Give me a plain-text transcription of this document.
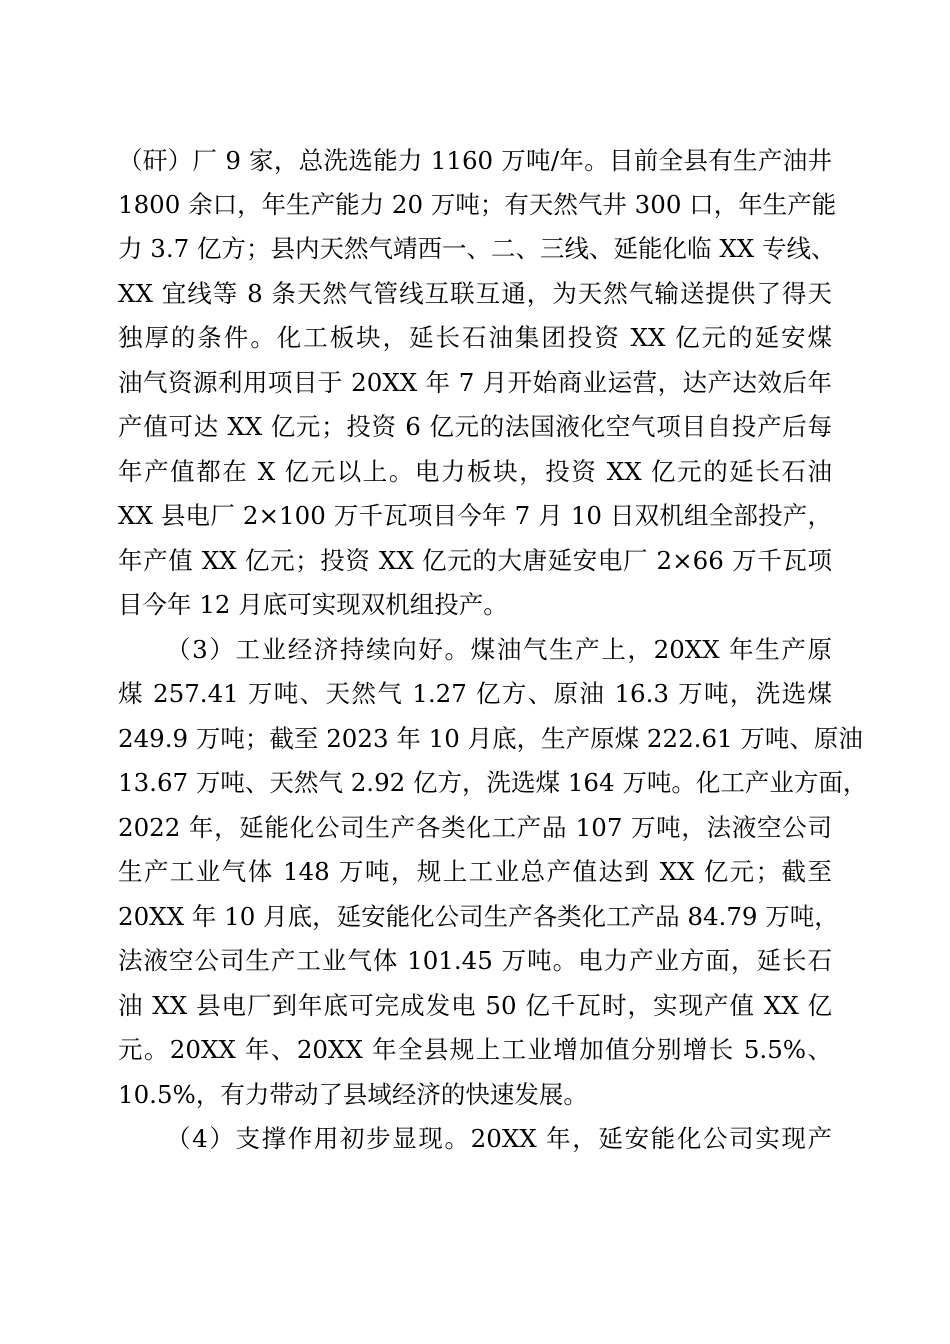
（矸）厂 9 家，总洗选能力 1160 万吨/年。目前全县有生产油井
1800 余口，年生产能力 20 万吨；有天然气井 300 口，年生产能
力 3.7 亿方；县内天然气靖西一、二、三线、延能化临 XX 专线、
XX 宜线等 8 条天然气管线互联互通，为天然气输送提供了得天
独厚的条件。化工板块，延长石油集团投资 XX 亿元的延安煤
油气资源利用项目于 20XX 年 7 月开始商业运营，达产达效后年
产值可达 XX 亿元；投资 6 亿元的法国液化空气项目自投产后每
年产值都在 X 亿元以上。电力板块，投资 XX 亿元的延长石油
XX 县电厂 2×100 万千瓦项目今年 7 月 10 日双机组全部投产，
年产值 XX 亿元；投资 XX 亿元的大唐延安电厂 2×66 万千瓦项
目今年 12 月底可实现双机组投产。
（3）工业经济持续向好。煤油气生产上，20XX 年生产原
煤 257.41 万吨、天然气 1.27 亿方、原油 16.3 万吨，洗选煤
249.9 万吨；截至 2023 年 10 月底，生产原煤 222.61 万吨、原油
13.67 万吨、天然气 2.92 亿方，洗选煤 164 万吨。化工产业方面，
2022 年，延能化公司生产各类化工产品 107 万吨，法液空公司
生产工业气体 148 万吨，规上工业总产值达到 XX 亿元；截至
20XX 年 10 月底，延安能化公司生产各类化工产品 84.79 万吨，
法液空公司生产工业气体 101.45 万吨。电力产业方面，延长石
油 XX 县电厂到年底可完成发电 50 亿千瓦时，实现产值 XX 亿
元。20XX 年、20XX 年全县规上工业增加值分别增长 5.5%、
10.5%，有力带动了县域经济的快速发展。
（4）支撑作用初步显现。20XX 年，延安能化公司实现产
